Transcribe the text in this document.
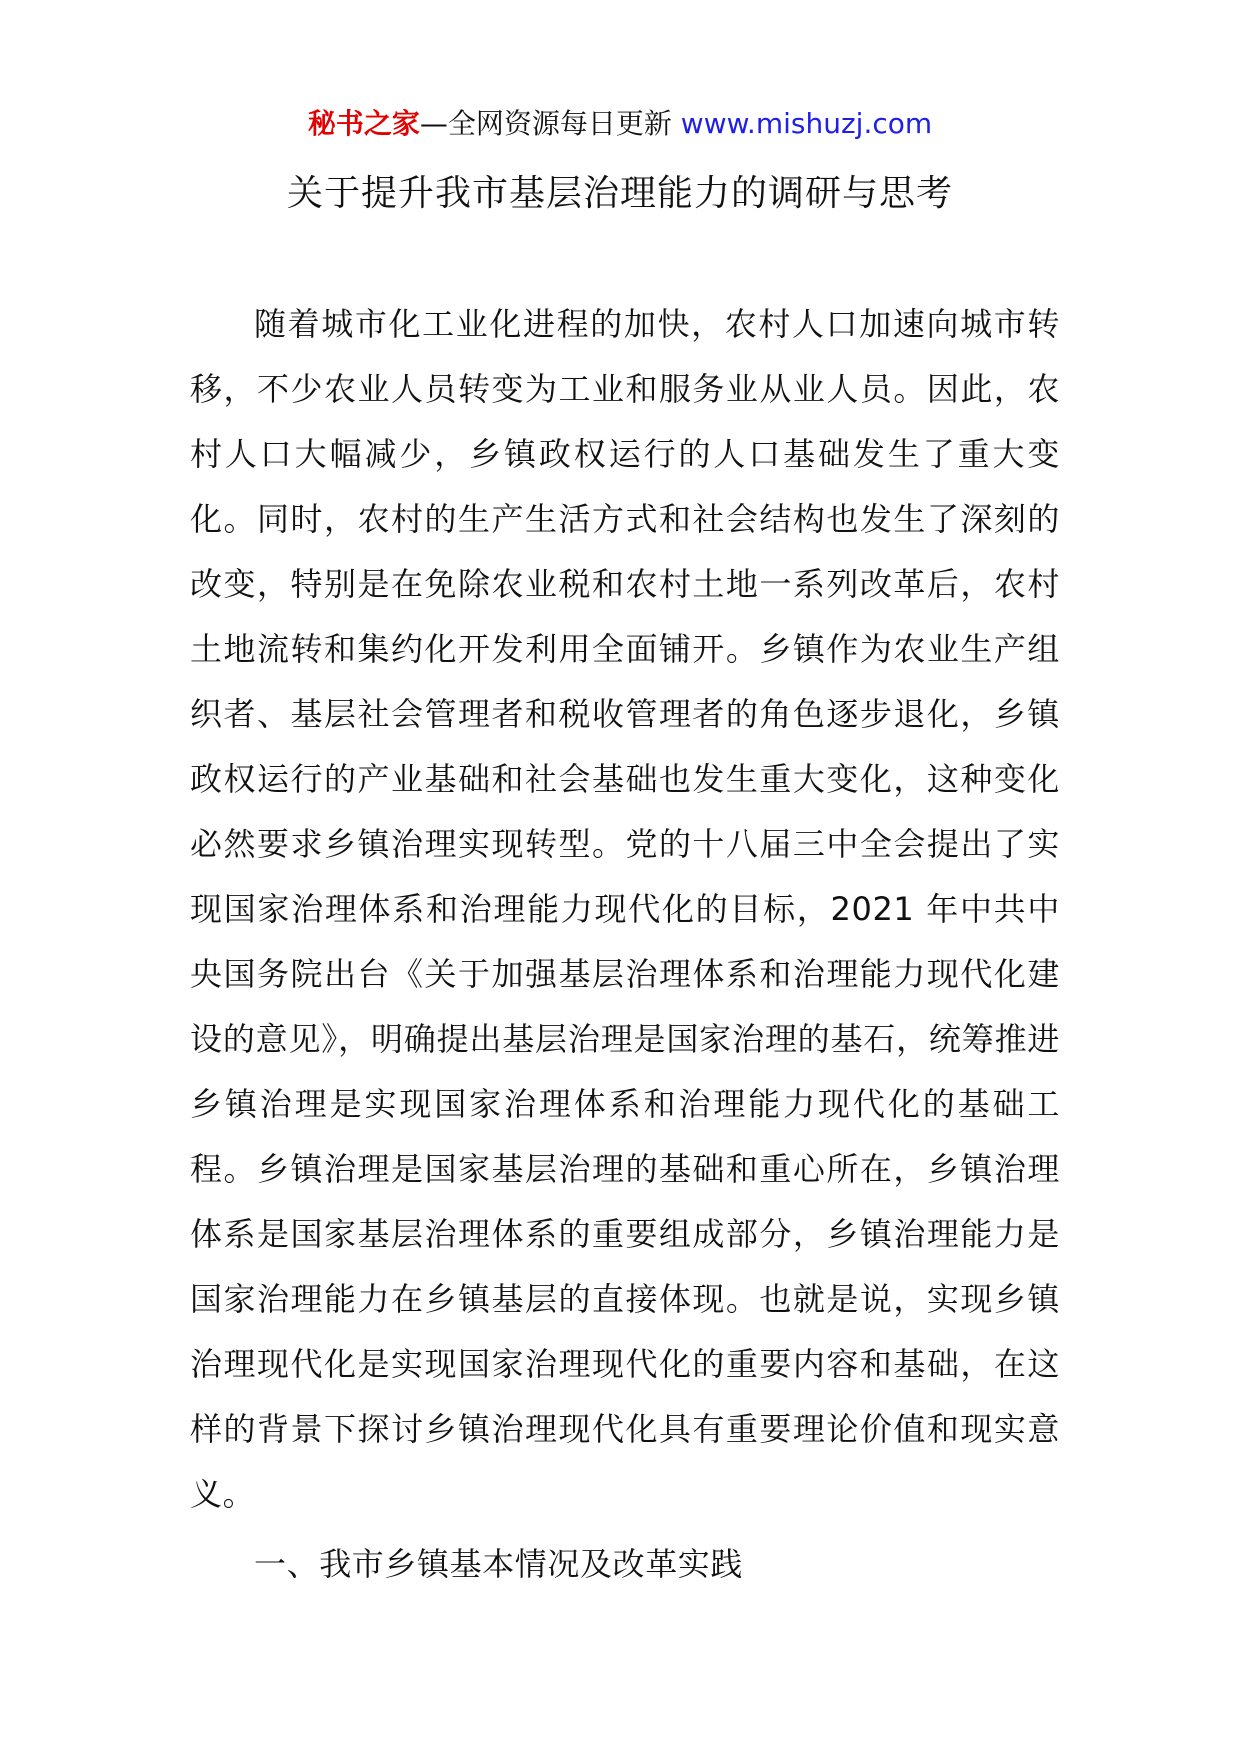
秘书之家—全网资源每日更新 www.mishuzj.com
关于提升我市基层治理能力的调研与思考

随着城市化工业化进程的加快，农村人口加速向城市转移，不少农业人员转变为工业和服务业从业人员。因此，农村人口大幅减少，乡镇政权运行的人口基础发生了重大变化。同时，农村的生产生活方式和社会结构也发生了深刻的改变，特别是在免除农业税和农村土地一系列改革后，农村土地流转和集约化开发利用全面铺开。乡镇作为农业生产组织者、基层社会管理者和税收管理者的角色逐步退化，乡镇政权运行的产业基础和社会基础也发生重大变化，这种变化必然要求乡镇治理实现转型。党的十八届三中全会提出了实现国家治理体系和治理能力现代化的目标，2021 年中共中央国务院出台《关于加强基层治理体系和治理能力现代化建设的意见》，明确提出基层治理是国家治理的基石，统筹推进乡镇治理是实现国家治理体系和治理能力现代化的基础工程。乡镇治理是国家基层治理的基础和重心所在，乡镇治理体系是国家基层治理体系的重要组成部分，乡镇治理能力是国家治理能力在乡镇基层的直接体现。也就是说，实现乡镇治理现代化是实现国家治理现代化的重要内容和基础，在这样的背景下探讨乡镇治理现代化具有重要理论价值和现实意义。

一、我市乡镇基本情况及改革实践
